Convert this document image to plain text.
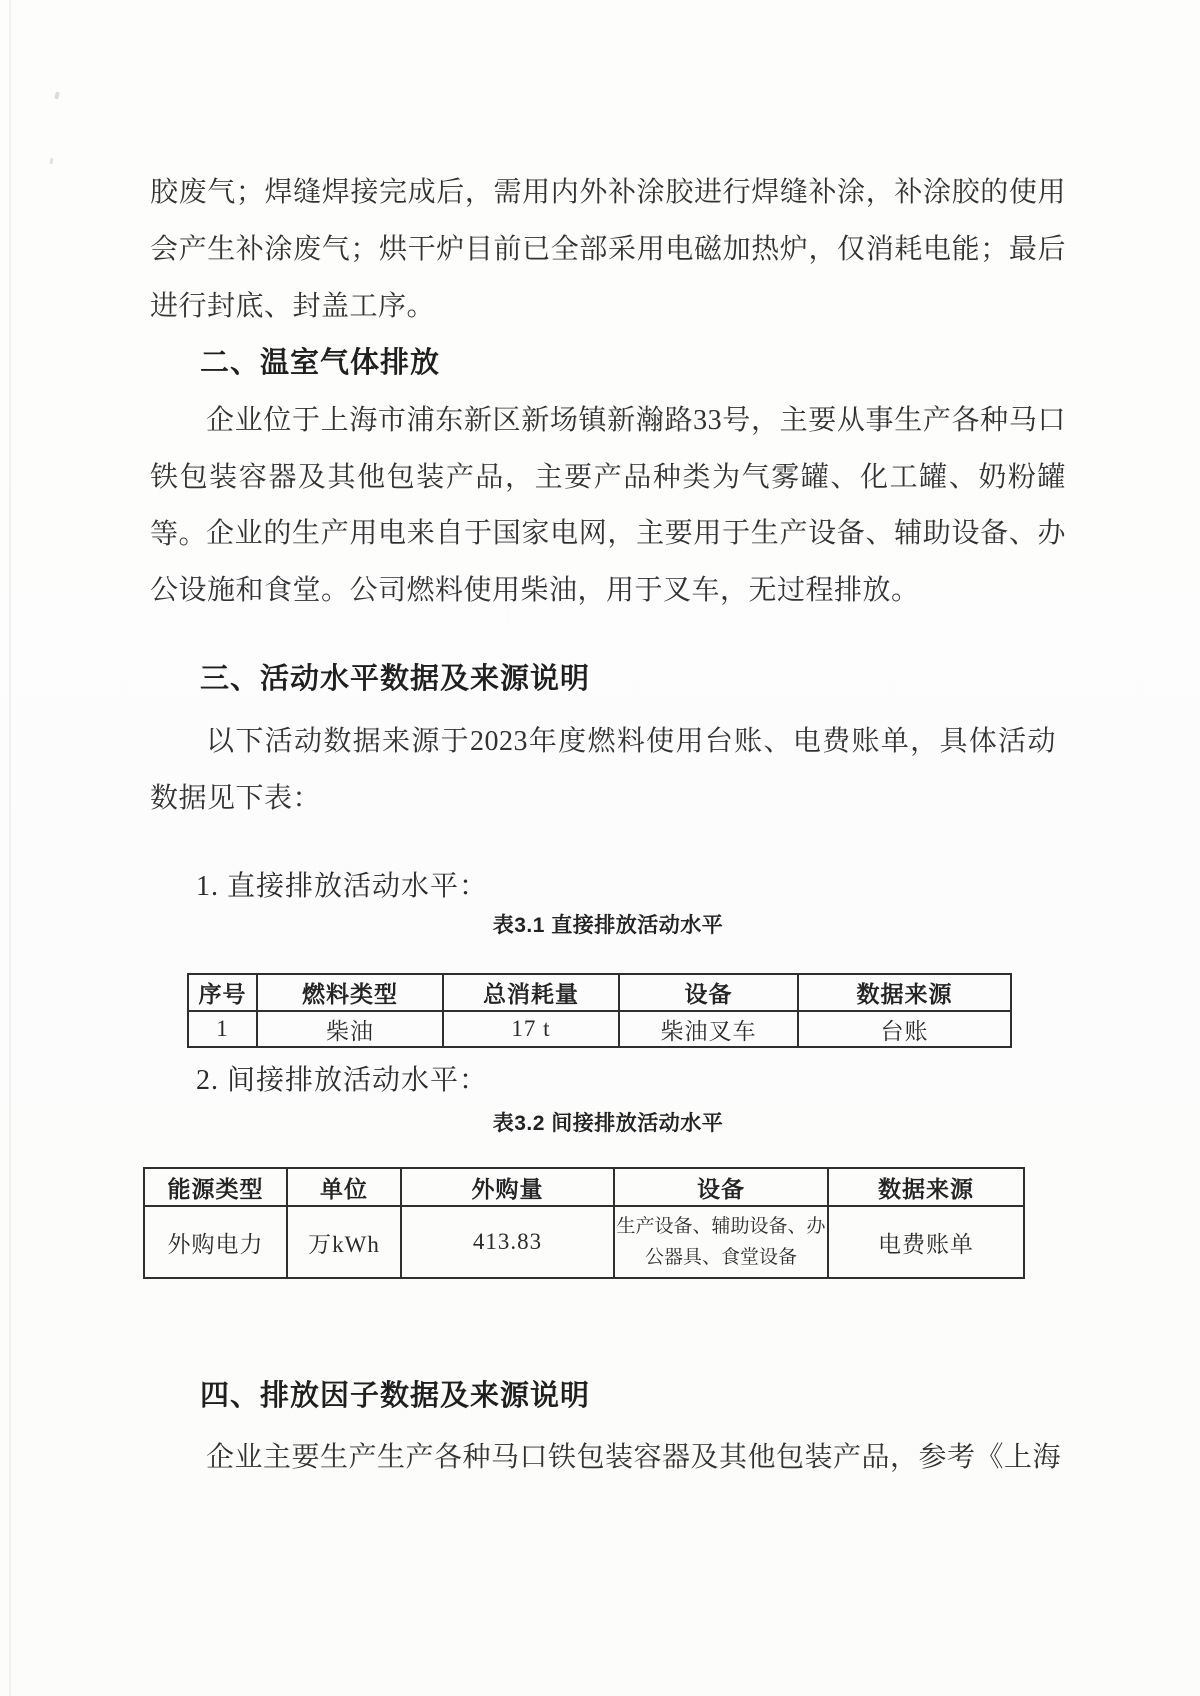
胶废气；焊缝焊接完成后，需用内外补涂胶进行焊缝补涂，补涂胶的使用会产生补涂废气；烘干炉目前已全部采用电磁加热炉，仅消耗电能；最后进行封底、封盖工序。

二、温室气体排放

企业位于上海市浦东新区新场镇新瀚路33号，主要从事生产各种马口铁包装容器及其他包装产品，主要产品种类为气雾罐、化工罐、奶粉罐等。

企业的生产用电来自于国家电网，主要用于生产设备、辅助设备、办公设施和食堂。公司燃料使用柴油，用于叉车，无过程排放。

三、活动水平数据及来源说明

以下活动数据来源于2023年度燃料使用台账、电费账单，具体活动数据见下表：

1. 直接排放活动水平：

表3.1 直接排放活动水平

序号	燃料类型	总消耗量	设备	数据来源
1	柴油	17 t	柴油叉车	台账

2. 间接排放活动水平：

表3.2 间接排放活动水平

能源类型	单位	外购量	设备	数据来源
外购电力	万kWh	413.83	生产设备、辅助设备、办公器具、食堂设备	电费账单
四、排放因子数据及来源说明

企业主要生产生产各种马口铁包装容器及其他包装产品，参考《上海
